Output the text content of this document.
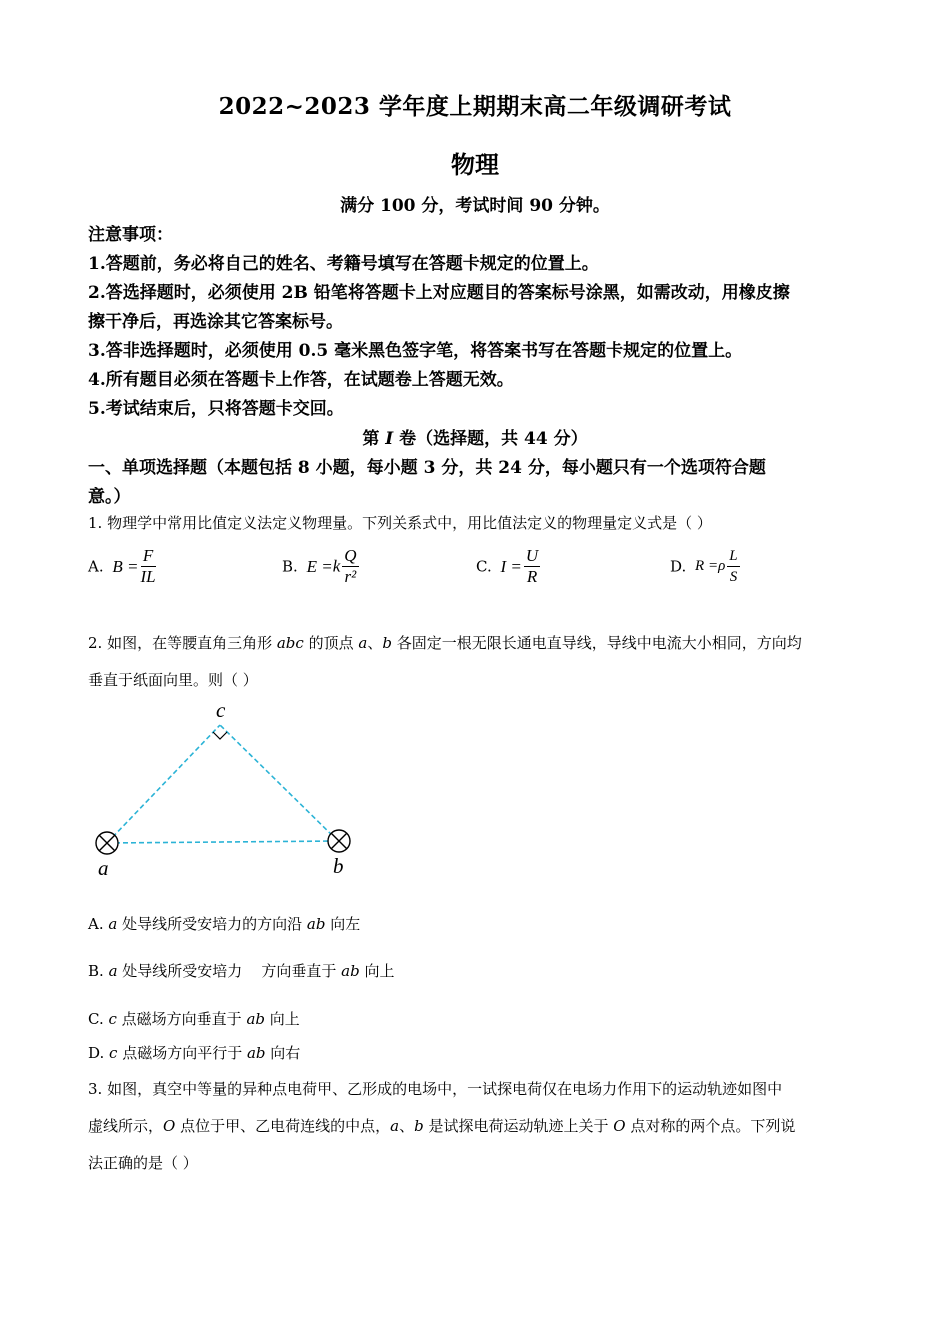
2022~2023 学年度上期期末高二年级调研考试
物理
满分 100 分，考试时间 90 分钟。
注意事项：
1.答题前，务必将自己的姓名、考籍号填写在答题卡规定的位置上。
2.答选择题时，必须使用 2B 铅笔将答题卡上对应题目的答案标号涂黑，如需改动，用橡皮擦
擦干净后，再选涂其它答案标号。
3.答非选择题时，必须使用 0.5 毫米黑色签字笔，将答案书写在答题卡规定的位置上。
4.所有题目必须在答题卡上作答，在试题卷上答题无效。
5.考试结束后，只将答题卡交回。
第 I 卷（选择题，共 44 分）
一、单项选择题（本题包括 8 小题，每小题 3 分，共 24 分，每小题只有一个选项符合题
意。）
1. 物理学中常用比值定义法定义物理量。下列关系式中，用比值法定义的物理量定义式是（ ）
A. $B = \frac{F}{IL}$	B. $E =k \frac{Q}{\text{r²}}$	C. $I = \frac{U}{R}$	D. $R =\rho \frac{L}{S}$
2. 如图，在等腰直角三角形 abc 的顶点 a、b 各固定一根无限长通电直导线，导线中电流大小相同，方向均
垂直于纸面向里。则（ ）
c
a	b
A. a 处导线所受安培力的方向沿 ab 向左
B. a 处导线所受安培力    方向垂直于 ab 向上
C. c 点磁场方向垂直于 ab 向上
D. c 点磁场方向平行于 ab 向右
3. 如图，真空中等量的异种点电荷甲、乙形成的电场中，一试探电荷仅在电场力作用下的运动轨迹如图中
虚线所示，O 点位于甲、乙电荷连线的中点，a、b 是试探电荷运动轨迹上关于 O 点对称的两个点。下列说
法正确的是（ ）
